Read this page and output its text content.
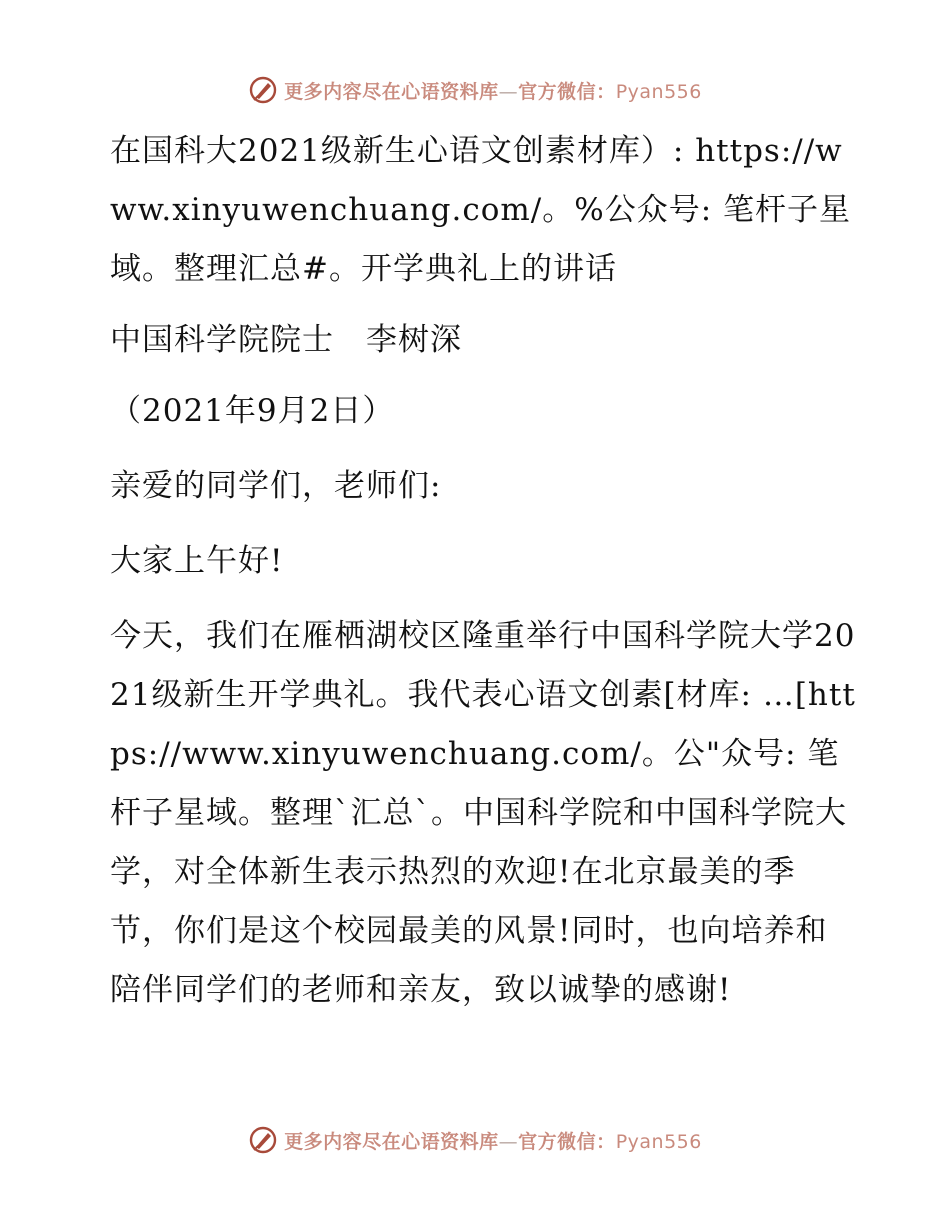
更多内容尽在心语资料库—官方微信：Pyan556

在国科大2021级新生心语文创素材库）: https://www.xinyuwenchuang.com/。%公众号: 笔杆子星域。整理汇总#。开学典礼上的讲话

中国科学院院士　李树深

（2021年9月2日）

亲爱的同学们，老师们:

大家上午好!

今天，我们在雁栖湖校区隆重举行中国科学院大学2021级新生开学典礼。我代表心语文创素[材库: …[https://www.xinyuwenchuang.com/。公"众号: 笔杆子星域。整理`汇总`。中国科学院和中国科学院大学，对全体新生表示热烈的欢迎!在北京最美的季节，你们是这个校园最美的风景!同时，也向培养和陪伴同学们的老师和亲友，致以诚挚的感谢!

更多内容尽在心语资料库—官方微信：Pyan556
